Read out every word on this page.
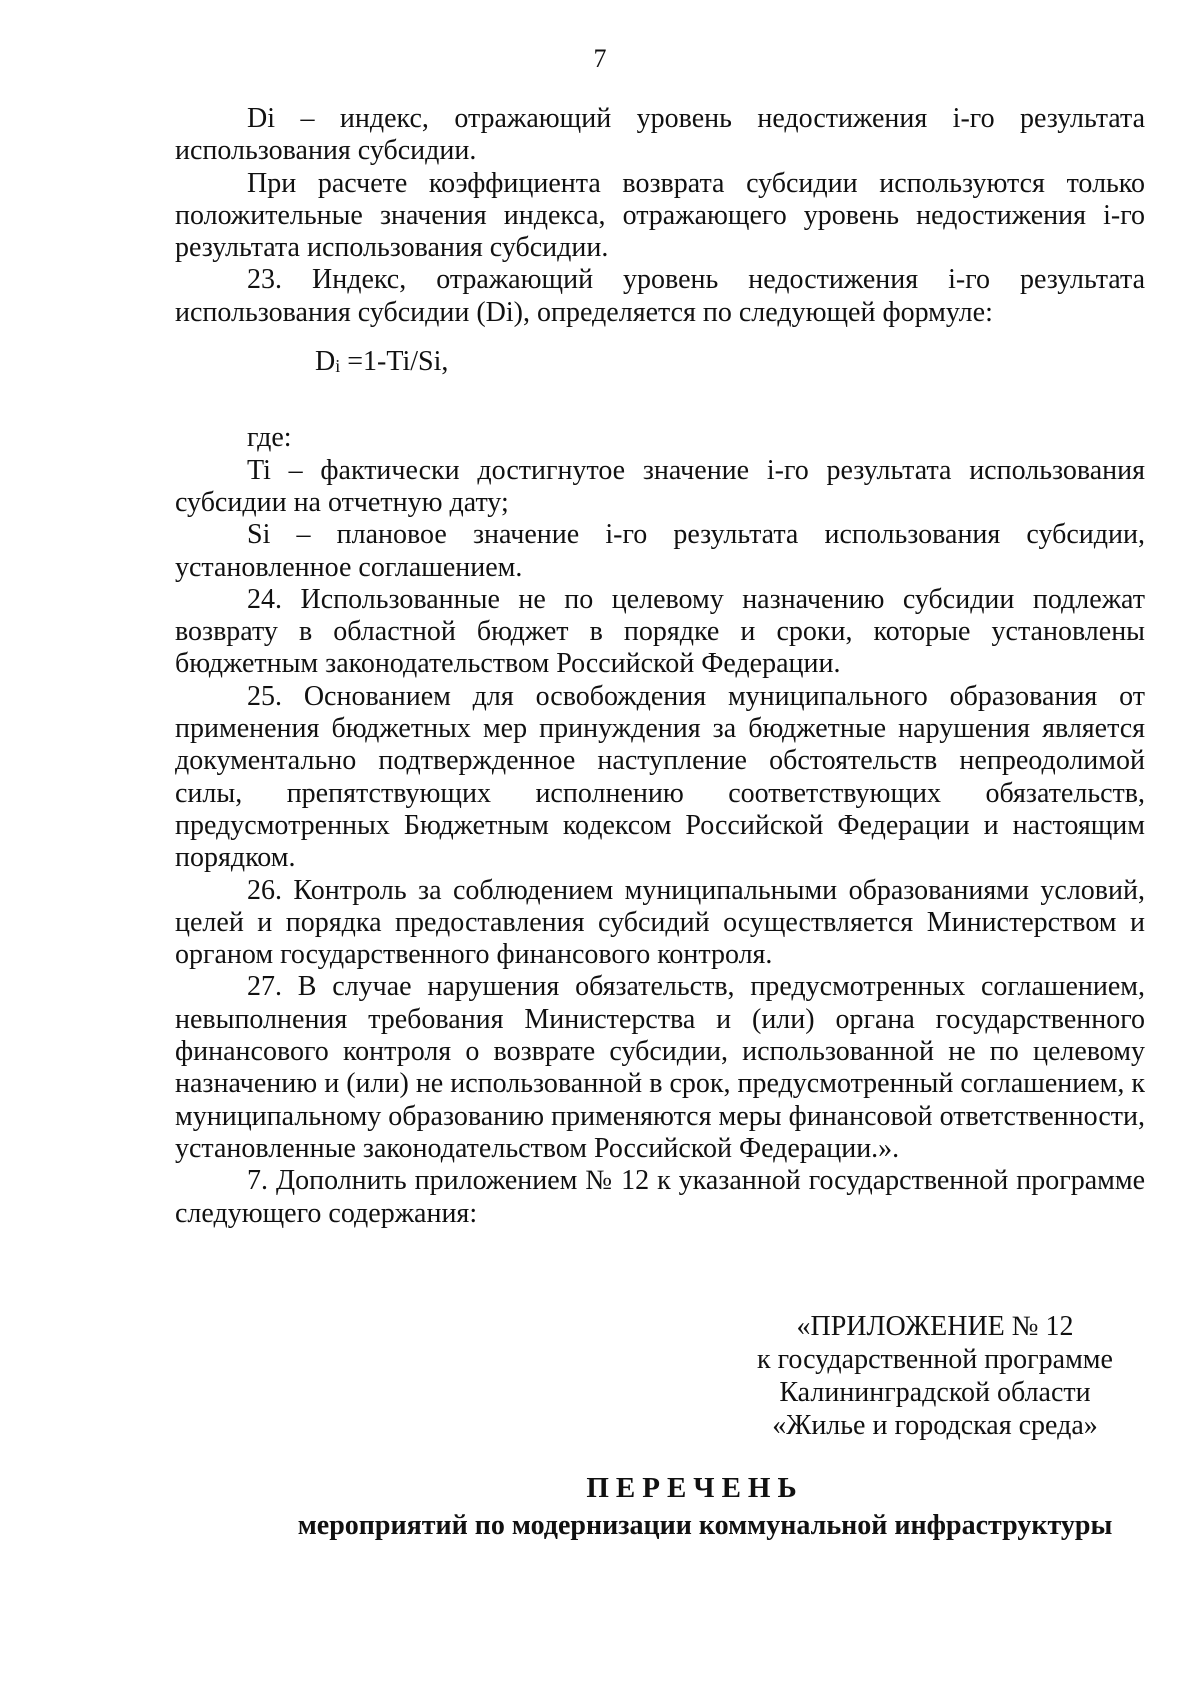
7

Di – индекс, отражающий уровень недостижения i-го результата использования субсидии.

При расчете коэффициента возврата субсидии используются только положительные значения индекса, отражающего уровень недостижения i-го результата использования субсидии.

23. Индекс, отражающий уровень недостижения i-го результата использования субсидии (Di), определяется по следующей формуле:

$D_i =1-Ti/Si$,

где:

Ti – фактически достигнутое значение i-го результата использования субсидии на отчетную дату;

Si – плановое значение i-го результата использования субсидии, установленное соглашением.

24. Использованные не по целевому назначению субсидии подлежат возврату в областной бюджет в порядке и сроки, которые установлены бюджетным законодательством Российской Федерации.

25. Основанием для освобождения муниципального образования от применения бюджетных мер принуждения за бюджетные нарушения является документально подтвержденное наступление обстоятельств непреодолимой силы, препятствующих исполнению соответствующих обязательств, предусмотренных Бюджетным кодексом Российской Федерации и настоящим порядком.

26. Контроль за соблюдением муниципальными образованиями условий, целей и порядка предоставления субсидий осуществляется Министерством и органом государственного финансового контроля.

27. В случае нарушения обязательств, предусмотренных соглашением, невыполнения требования Министерства и (или) органа государственного финансового контроля о возврате субсидии, использованной не по целевому назначению и (или) не использованной в срок, предусмотренный соглашением, к муниципальному образованию применяются меры финансовой ответственности, установленные законодательством Российской Федерации.».

7. Дополнить приложением № 12 к указанной государственной программе следующего содержания:

«ПРИЛОЖЕНИЕ № 12
к государственной программе
Калининградской области
«Жилье и городская среда»
ПЕРЕЧЕНЬ
мероприятий по модернизации коммунальной инфраструктуры
